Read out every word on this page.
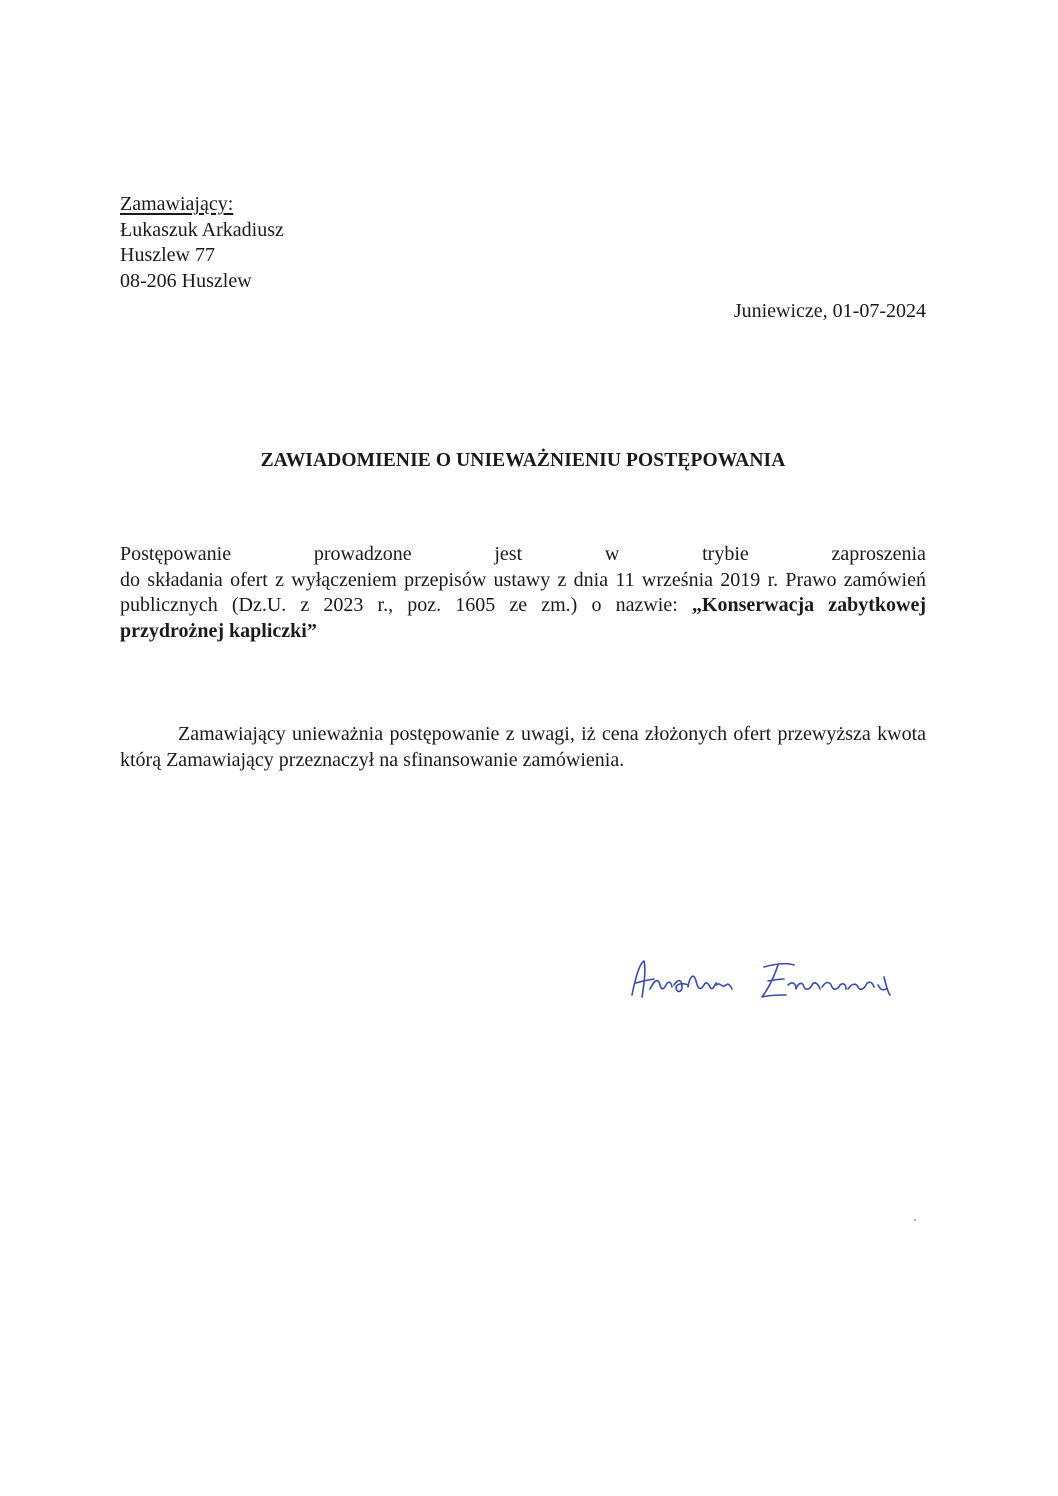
Zamawiający:
Łukaszuk Arkadiusz
Huszlew 77
08-206 Huszlew
Juniewicze, 01-07-2024
ZAWIADOMIENIE O UNIEWAŻNIENIU POSTĘPOWANIA
Postępowanie	prowadzone	jest	w	trybie	zaproszenia
do składania ofert z wyłączeniem przepisów ustawy z dnia 11 września 2019 r. Prawo zamówień
publicznych (Dz.U. z 2023 r., poz. 1605 ze zm.) o nazwie: „Konserwacja zabytkowej
przydrożnej kapliczki”
Zamawiający unieważnia postępowanie z uwagi, iż cena złożonych ofert przewyższa kwota którą Zamawiający przeznaczył na sfinansowanie zamówienia.
